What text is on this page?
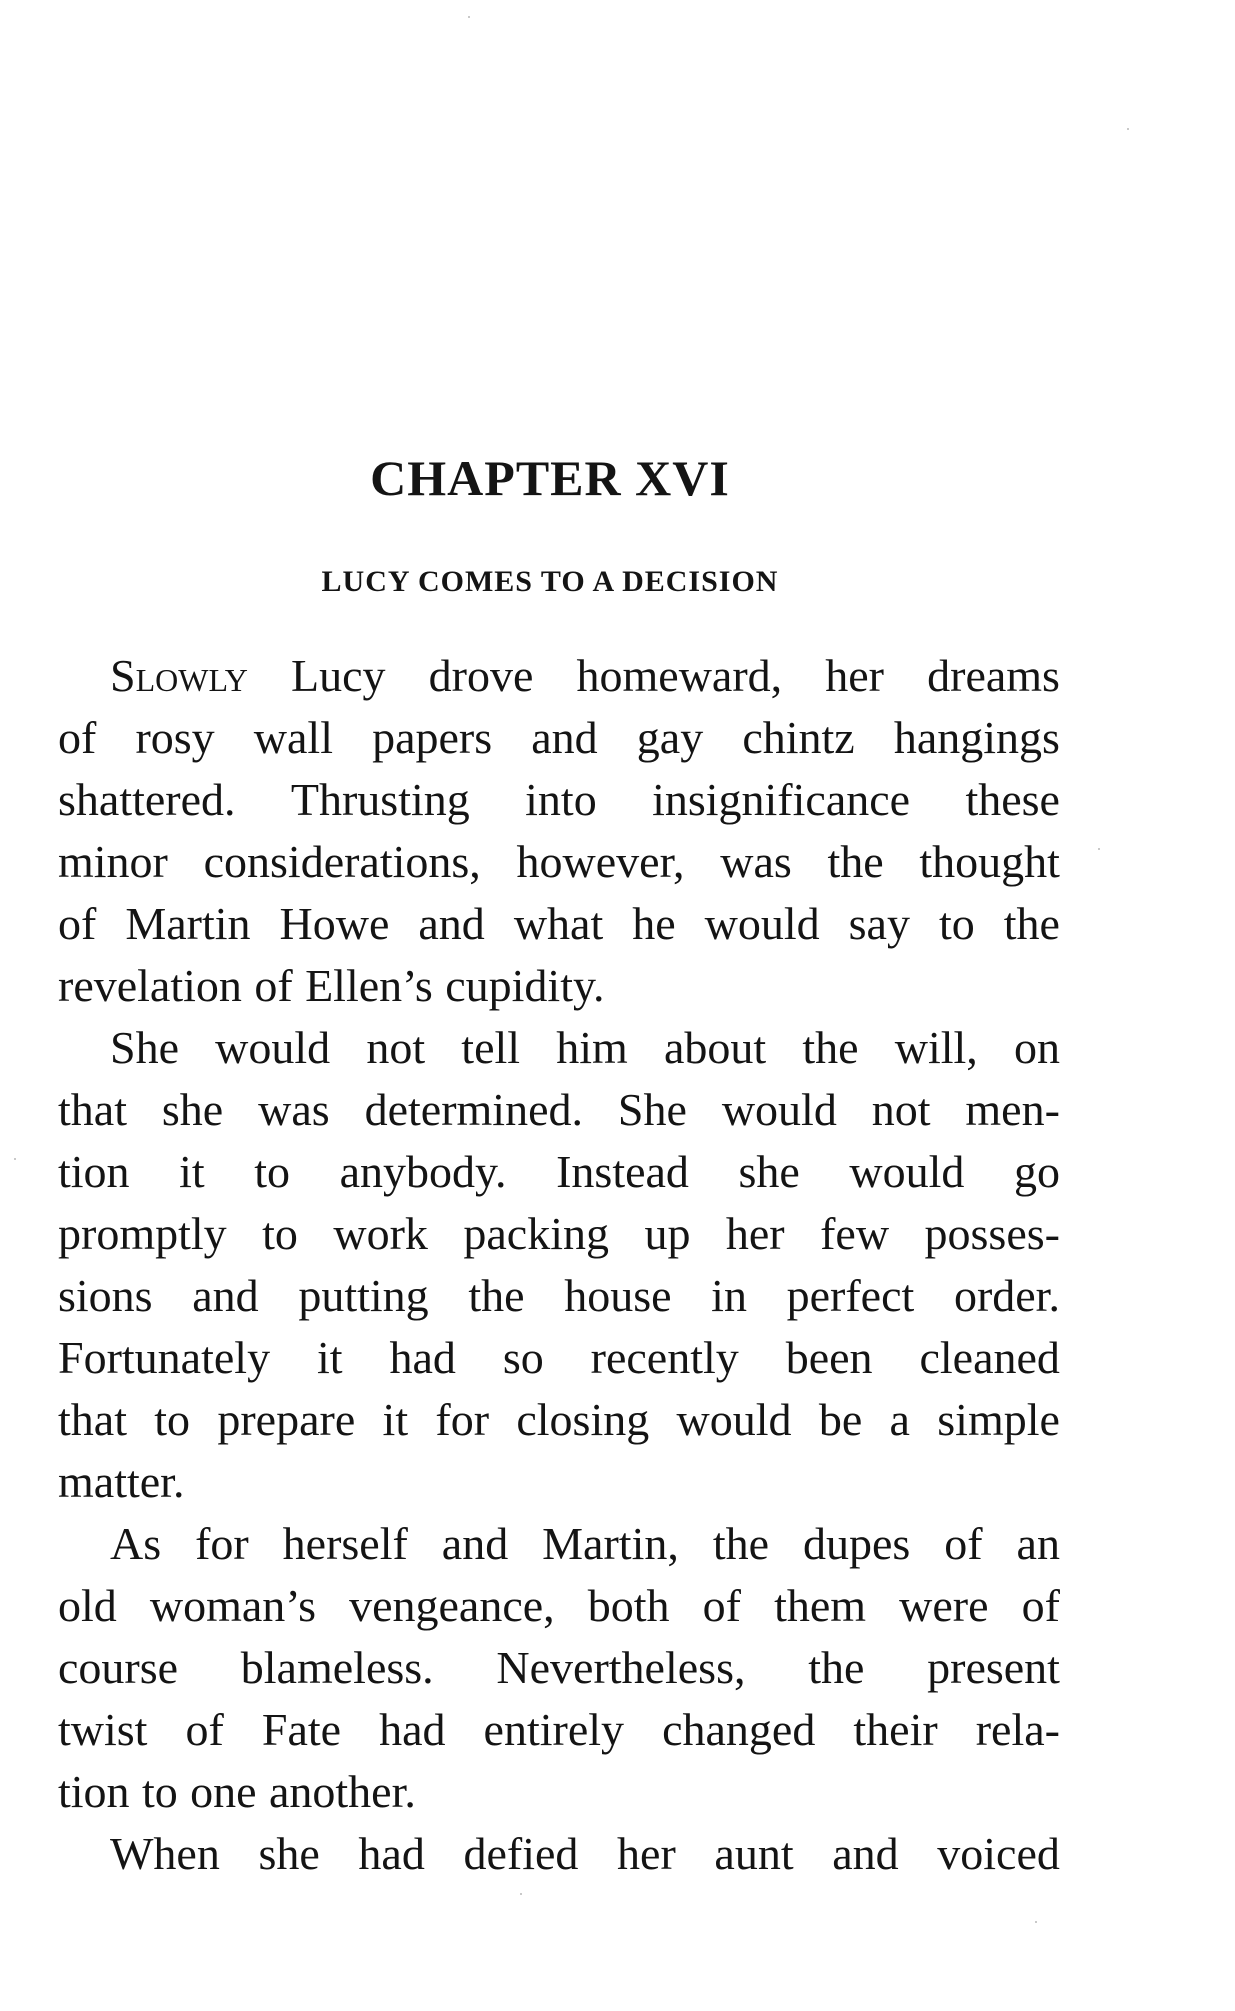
CHAPTER XVI
LUCY COMES TO A DECISION
Slowly Lucy drove homeward, her dreams
of rosy wall papers and gay chintz hangings
shattered. Thrusting into insignificance these
minor considerations, however, was the thought
of Martin Howe and what he would say to the
revelation of Ellen’s cupidity.
She would not tell him about the will, on
that she was determined. She would not men-
tion it to anybody. Instead she would go
promptly to work packing up her few posses-
sions and putting the house in perfect order.
Fortunately it had so recently been cleaned
that to prepare it for closing would be a simple
matter.
As for herself and Martin, the dupes of an
old woman’s vengeance, both of them were of
course blameless. Nevertheless, the present
twist of Fate had entirely changed their rela-
tion to one another.
When she had defied her aunt and voiced
